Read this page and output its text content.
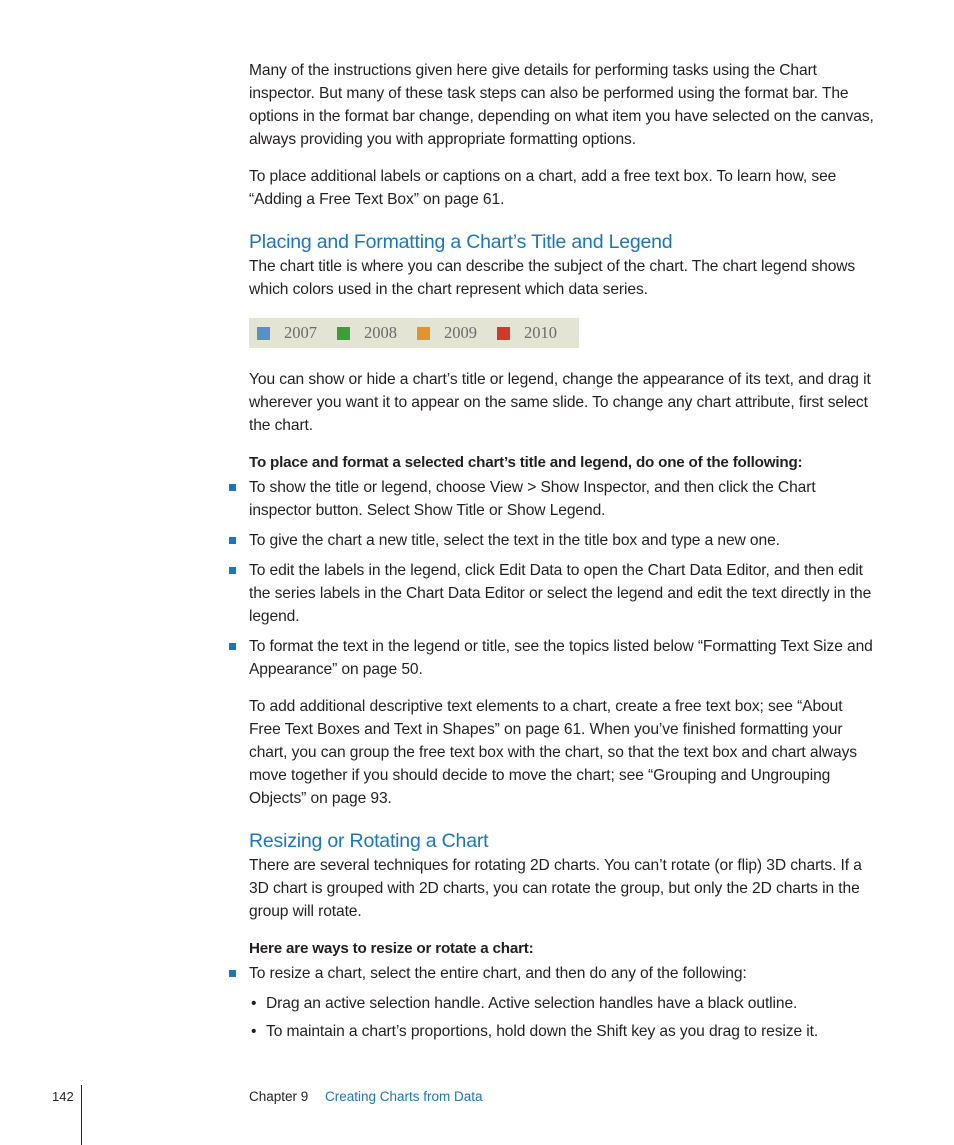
Many of the instructions given here give details for performing tasks using the Chart inspector. But many of these task steps can also be performed using the format bar. The options in the format bar change, depending on what item you have selected on the canvas, always providing you with appropriate formatting options.

To place additional labels or captions on a chart, add a free text box. To learn how, see “Adding a Free Text Box” on page 61.

Placing and Formatting a Chart’s Title and Legend

The chart title is where you can describe the subject of the chart. The chart legend shows which colors used in the chart represent which data series.

2007	2008	2009	2010

You can show or hide a chart’s title or legend, change the appearance of its text, and drag it wherever you want it to appear on the same slide. To change any chart attribute, first select the chart.

To place and format a selected chart’s title and legend, do one of the following:

To show the title or legend, choose View > Show Inspector, and then click the Chart inspector button. Select Show Title or Show Legend.

To give the chart a new title, select the text in the title box and type a new one.

To edit the labels in the legend, click Edit Data to open the Chart Data Editor, and then edit the series labels in the Chart Data Editor or select the legend and edit the text directly in the legend.

To format the text in the legend or title, see the topics listed below “Formatting Text Size and Appearance” on page 50.

To add additional descriptive text elements to a chart, create a free text box; see “About Free Text Boxes and Text in Shapes” on page 61. When you’ve finished formatting your chart, you can group the free text box with the chart, so that the text box and chart always move together if you should decide to move the chart; see “Grouping and Ungrouping Objects” on page 93.

Resizing or Rotating a Chart

There are several techniques for rotating 2D charts. You can’t rotate (or flip) 3D charts. If a 3D chart is grouped with 2D charts, you can rotate the group, but only the 2D charts in the group will rotate.

Here are ways to resize or rotate a chart:

To resize a chart, select the entire chart, and then do any of the following:

• Drag an active selection handle. Active selection handles have a black outline.

• To maintain a chart’s proportions, hold down the Shift key as you drag to resize it.

142	Chapter 9 Creating Charts from Data
